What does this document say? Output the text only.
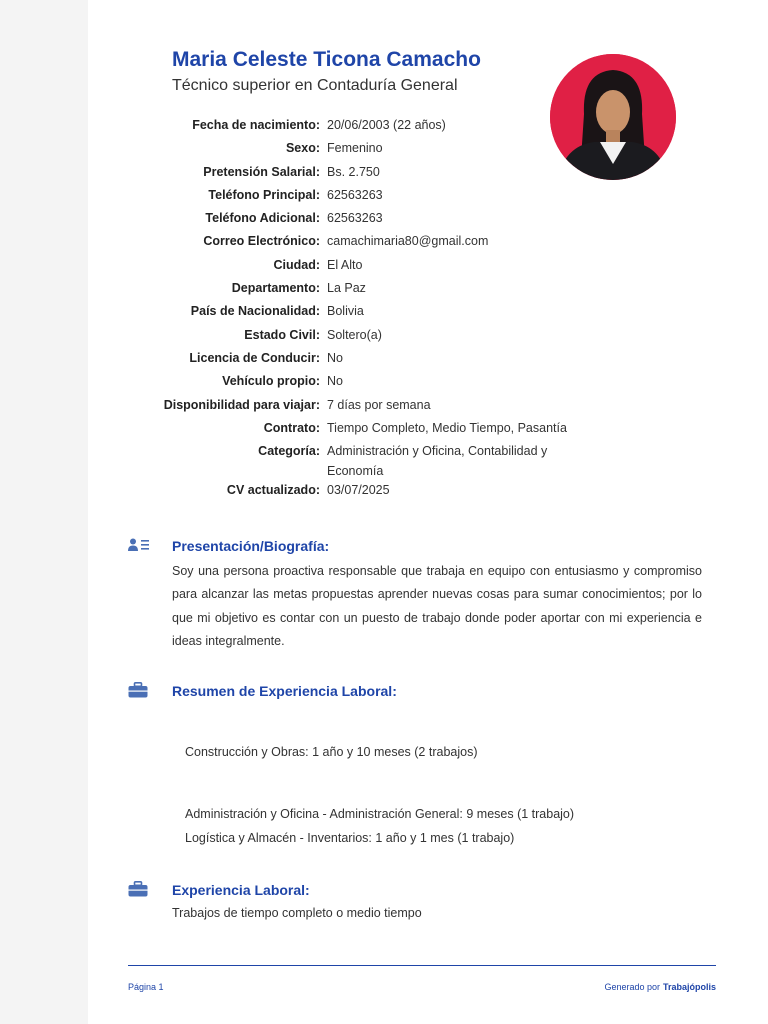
Maria Celeste Ticona Camacho
Técnico superior en Contaduría General
Fecha de nacimiento: 20/06/2003 (22 años)
Sexo: Femenino
Pretensión Salarial: Bs. 2.750
Teléfono Principal: 62563263
Teléfono Adicional: 62563263
Correo Electrónico: camachimaria80@gmail.com
Ciudad: El Alto
Departamento: La Paz
País de Nacionalidad: Bolivia
Estado Civil: Soltero(a)
Licencia de Conducir: No
Vehículo propio: No
Disponibilidad para viajar: 7 días por semana
Contrato: Tiempo Completo, Medio Tiempo, Pasantía
Categoría: Administración y Oficina, Contabilidad y Economía
CV actualizado: 03/07/2025
Presentación/Biografía:
Soy una persona proactiva responsable que trabaja en equipo con entusiasmo y compromiso para alcanzar las metas propuestas aprender nuevas cosas para sumar conocimientos; por lo que mi objetivo es contar con un puesto de trabajo donde poder aportar con mi experiencia e ideas integralmente.
Resumen de Experiencia Laboral:
Construcción y Obras: 1 año y 10 meses (2 trabajos)
Administración y Oficina - Administración General: 9 meses (1 trabajo)
Logística y Almacén - Inventarios: 1 año y 1 mes (1 trabajo)
Experiencia Laboral:
Trabajos de tiempo completo o medio tiempo
Página 1	Generado por Trabajópolis
